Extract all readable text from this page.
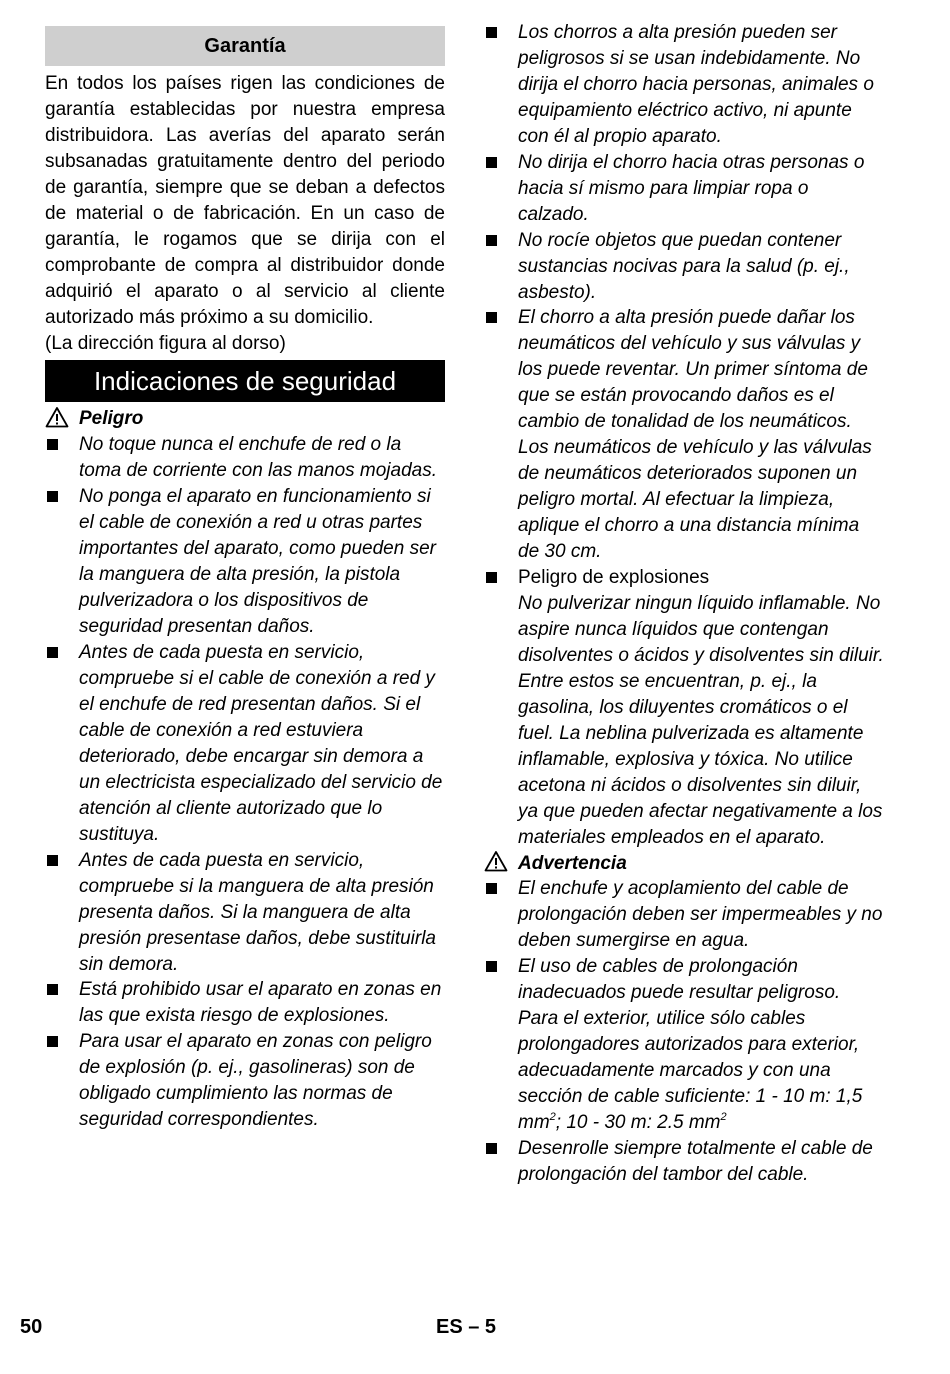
Garantía

En todos los países rigen las condiciones de garantía establecidas por nuestra empresa distribuidora. Las averías del aparato serán subsanadas gratuitamente dentro del periodo de garantía, siempre que se deban a defectos de material o de fabricación. En un caso de garantía, le rogamos que se dirija con el comprobante de compra al distribuidor donde adquirió el aparato o al servicio al cliente autorizado más próximo a su domicilio.

(La dirección figura al dorso)

Indicaciones de seguridad
Peligro
No toque nunca el enchufe de red o la toma de corriente con las manos mojadas.
No ponga el aparato en funcionamiento si el cable de conexión a red u otras partes importantes del aparato, como pueden ser la manguera de alta presión, la pistola pulverizadora o los dispositivos de seguridad presentan daños.
Antes de cada puesta en servicio, compruebe si el cable de conexión a red y el enchufe de red presentan daños. Si el cable de conexión a red estuviera deteriorado, debe encargar sin demora a un electricista especializado del servicio de atención al cliente autorizado que lo sustituya.
Antes de cada puesta en servicio, compruebe si la manguera de alta presión presenta daños. Si la manguera de alta presión presentase daños, debe sustituirla sin demora.
Está prohibido usar el aparato en zonas en las que exista riesgo de explosiones.
Para usar el aparato en zonas con peligro de explosión (p. ej., gasolineras) son de obligado cumplimiento las normas de seguridad correspondientes.
Los chorros a alta presión pueden ser peligrosos si se usan indebidamente. No dirija el chorro hacia personas, animales o equipamiento eléctrico activo, ni apunte con él al propio aparato.
No dirija el chorro hacia otras personas o hacia sí mismo para limpiar ropa o calzado.
No rocíe objetos que puedan contener sustancias nocivas para la salud (p. ej., asbesto).
El chorro a alta presión puede dañar los neumáticos del vehículo y sus válvulas y los puede reventar. Un primer síntoma de que se están provocando daños es el cambio de tonalidad de los neumáticos. Los neumáticos de vehículo y las válvulas de neumáticos deteriorados suponen un peligro mortal. Al efectuar la limpieza, aplique el chorro a una distancia mínima de 30 cm.
Peligro de explosiones
No pulverizar ningun líquido inflamable. No aspire nunca líquidos que contengan disolventes o ácidos y disolventes sin diluir. Entre estos se encuentran, p. ej., la gasolina, los diluyentes cromáticos o el fuel. La neblina pulverizada es altamente inflamable, explosiva y tóxica. No utilice acetona ni ácidos o disolventes sin diluir, ya que pueden afectar negativamente a los materiales empleados en el aparato.
Advertencia
El enchufe y acoplamiento del cable de prolongación deben ser impermeables y no deben sumergirse en agua.
El uso de cables de prolongación inadecuados puede resultar peligroso. Para el exterior, utilice sólo cables prolongadores autorizados para exterior, adecuadamente marcados y con una sección de cable suficiente: 1 - 10 m: 1,5 $mm^2$; 10 - 30 m: 2.5 $mm^2$
Desenrolle siempre totalmente el cable de prolongación del tambor del cable.
50	ES – 5
